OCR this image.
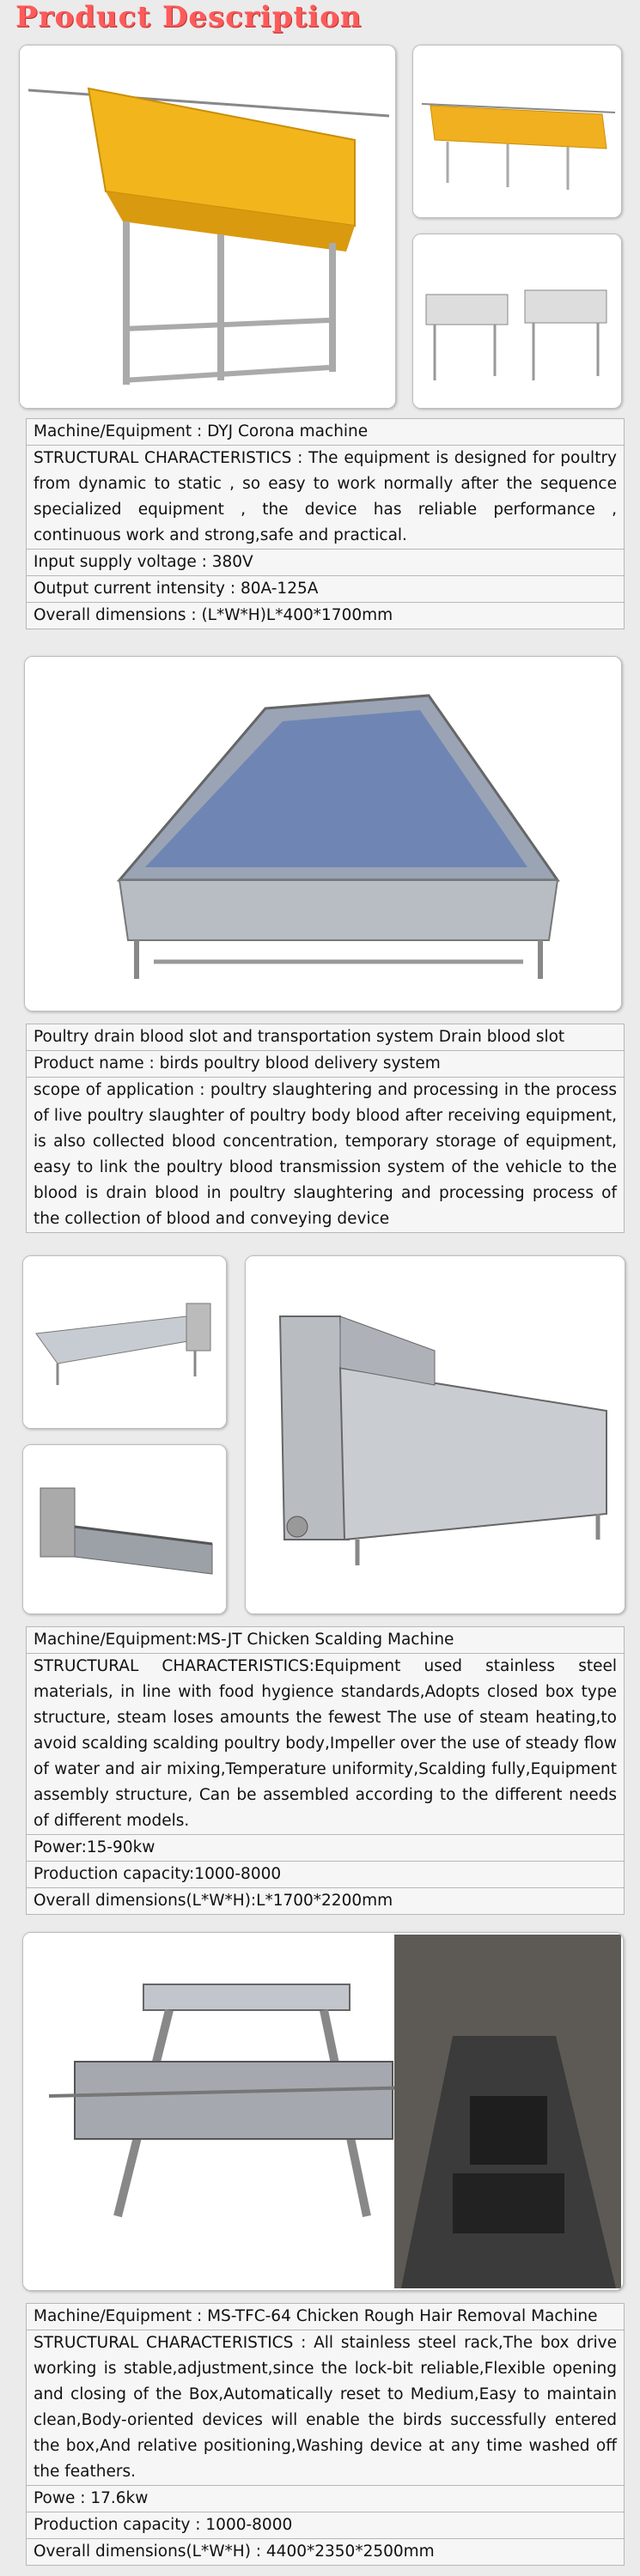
Product Description
Machine/Equipment : DYJ Corona machine
STRUCTURAL CHARACTERISTICS : The equipment is designed for poultry from dynamic to static , so easy to work normally after the sequence specialized equipment , the device has reliable performance , continuous work and strong,safe and practical.
Input supply voltage : 380V
Output current intensity : 80A-125A
Overall dimensions : (L*W*H)L*400*1700mm
Poultry drain blood slot and transportation system Drain blood slot
Product name : birds poultry blood delivery system
scope of application : poultry slaughtering and processing in the process of live poultry slaughter of poultry body blood after receiving equipment, is also collected blood concentration, temporary storage of equipment, easy to link the poultry blood transmission system of the vehicle to the blood is drain blood in poultry slaughtering and processing process of the collection of blood and conveying device
Machine/Equipment:MS-JT Chicken Scalding Machine
STRUCTURAL CHARACTERISTICS:Equipment used stainless steel materials, in line with food hygience standards,Adopts closed box type structure, steam loses amounts the fewest The use of steam heating,to avoid scalding scalding poultry body,Impeller over the use of steady flow of water and air mixing,Temperature uniformity,Scalding fully,Equipment assembly structure, Can be assembled according to the different needs of different models.
Power:15-90kw
Production capacity:1000-8000
Overall dimensions(L*W*H):L*1700*2200mm
Machine/Equipment : MS-TFC-64 Chicken Rough Hair Removal Machine
STRUCTURAL CHARACTERISTICS : All stainless steel rack,The box drive working is stable,adjustment,since the lock-bit reliable,Flexible opening and closing of the Box,Automatically reset to Medium,Easy to maintain clean,Body-oriented devices will enable the birds successfully entered the box,And relative positioning,Washing device at any time washed off the feathers.
Powe : 17.6kw
Production capacity : 1000-8000
Overall dimensions(L*W*H) : 4400*2350*2500mm
